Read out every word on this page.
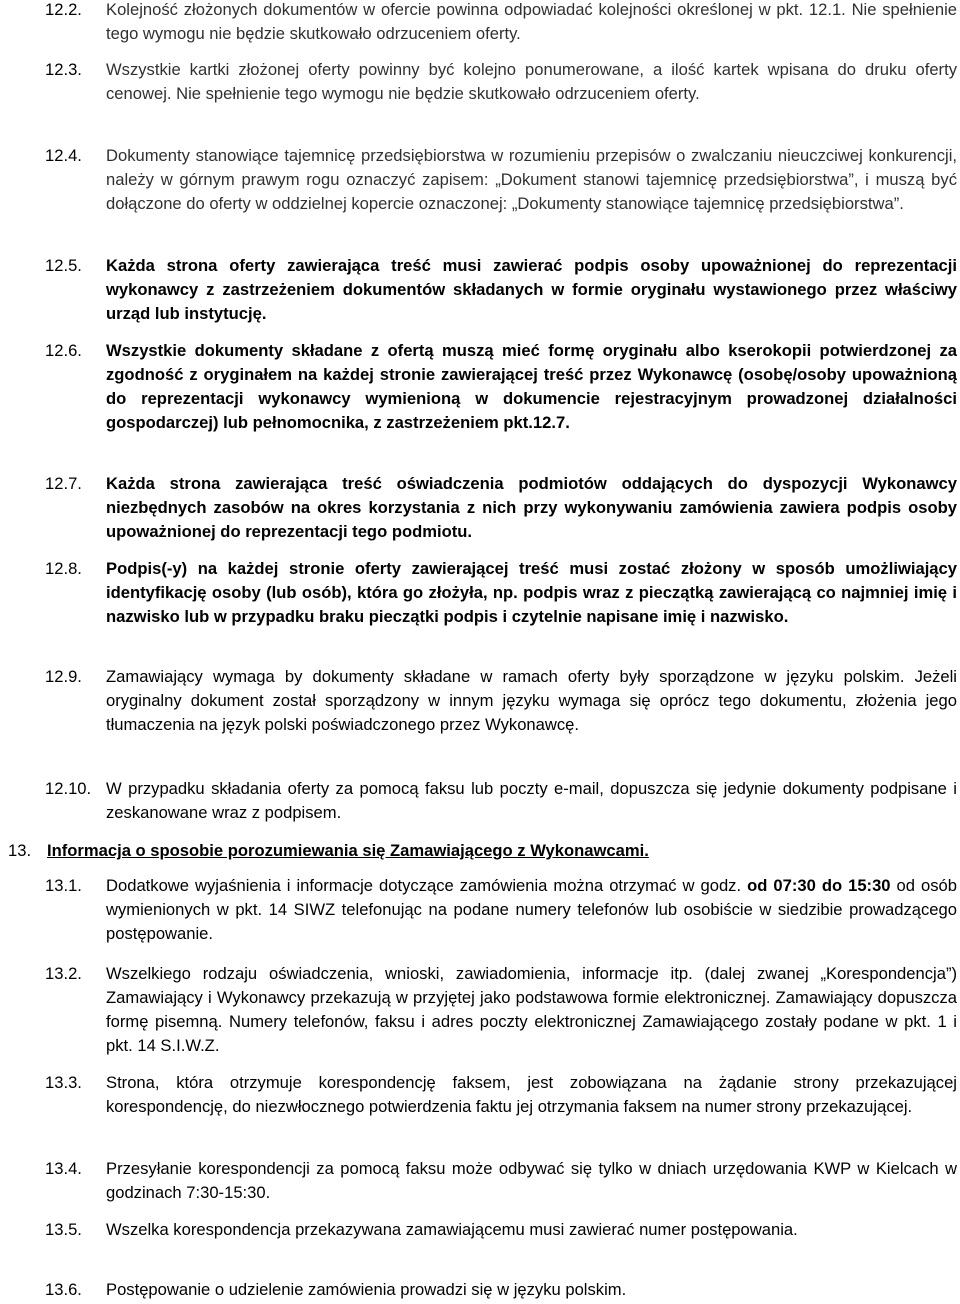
12.2. Kolejność złożonych dokumentów w ofercie powinna odpowiadać kolejności określonej w pkt. 12.1. Nie spełnienie tego wymogu nie będzie skutkowało odrzuceniem oferty.
12.3. Wszystkie kartki złożonej oferty powinny być kolejno ponumerowane, a ilość kartek wpisana do druku oferty cenowej. Nie spełnienie tego wymogu nie będzie skutkowało odrzuceniem oferty.
12.4. Dokumenty stanowiące tajemnicę przedsiębiorstwa w rozumieniu przepisów o zwalczaniu nieuczciwej konkurencji, należy w górnym prawym rogu oznaczyć zapisem: „Dokument stanowi tajemnicę przedsiębiorstwa”, i muszą być dołączone do oferty w oddzielnej kopercie oznaczonej: „Dokumenty stanowiące tajemnicę przedsiębiorstwa”.
12.5. Każda strona oferty zawierająca treść musi zawierać podpis osoby upoważnionej do reprezentacji wykonawcy z zastrzeżeniem dokumentów składanych w formie oryginału wystawionego przez właściwy urząd lub instytucję.
12.6. Wszystkie dokumenty składane z ofertą muszą mieć formę oryginału albo kserokopii potwierdzonej za zgodność z oryginałem na każdej stronie zawierającej treść przez Wykonawcę (osobę/osoby upoważnioną do reprezentacji wykonawcy wymienioną w dokumencie rejestracyjnym prowadzonej działalności gospodarczej) lub pełnomocnika, z zastrzeżeniem pkt.12.7.
12.7. Każda strona zawierająca treść oświadczenia podmiotów oddających do dyspozycji Wykonawcy niezbędnych zasobów na okres korzystania z nich przy wykonywaniu zamówienia zawiera podpis osoby upoważnionej do reprezentacji tego podmiotu.
12.8. Podpis(-y) na każdej stronie oferty zawierającej treść musi zostać złożony w sposób umożliwiający identyfikację osoby (lub osób), która go złożyła, np. podpis wraz z pieczątką zawierającą co najmniej imię i nazwisko lub w przypadku braku pieczątki podpis i czytelnie napisane imię i nazwisko.
12.9. Zamawiający wymaga by dokumenty składane w ramach oferty były sporządzone w języku polskim. Jeżeli oryginalny dokument został sporządzony w innym języku wymaga się oprócz tego dokumentu, złożenia jego tłumaczenia na język polski poświadczonego przez Wykonawcę.
12.10. W przypadku składania oferty za pomocą faksu lub poczty e-mail, dopuszcza się jedynie dokumenty podpisane i zeskanowane wraz z podpisem.
13. Informacja o sposobie porozumiewania się Zamawiającego z Wykonawcami.
13.1. Dodatkowe wyjaśnienia i informacje dotyczące zamówienia można otrzymać w godz. od 07:30 do 15:30 od osób wymienionych w pkt. 14 SIWZ telefonując na podane numery telefonów lub osobiście w siedzibie prowadzącego postępowanie.
13.2. Wszelkiego rodzaju oświadczenia, wnioski, zawiadomienia, informacje itp. (dalej zwanej „Korespondencja”) Zamawiający i Wykonawcy przekazują w przyjętej jako podstawowa formie elektronicznej. Zamawiający dopuszcza formę pisemną. Numery telefonów, faksu i adres poczty elektronicznej Zamawiającego zostały podane w pkt. 1 i pkt. 14 S.I.W.Z.
13.3. Strona, która otrzymuje korespondencję faksem, jest zobowiązana na żądanie strony przekazującej korespondencję, do niezwłocznego potwierdzenia faktu jej otrzymania faksem na numer strony przekazującej.
13.4. Przesyłanie korespondencji za pomocą faksu może odbywać się tylko w dniach urzędowania KWP w Kielcach w godzinach 7:30-15:30.
13.5. Wszelka korespondencja przekazywana zamawiającemu musi zawierać numer postępowania.
13.6. Postępowanie o udzielenie zamówienia prowadzi się w języku polskim.
